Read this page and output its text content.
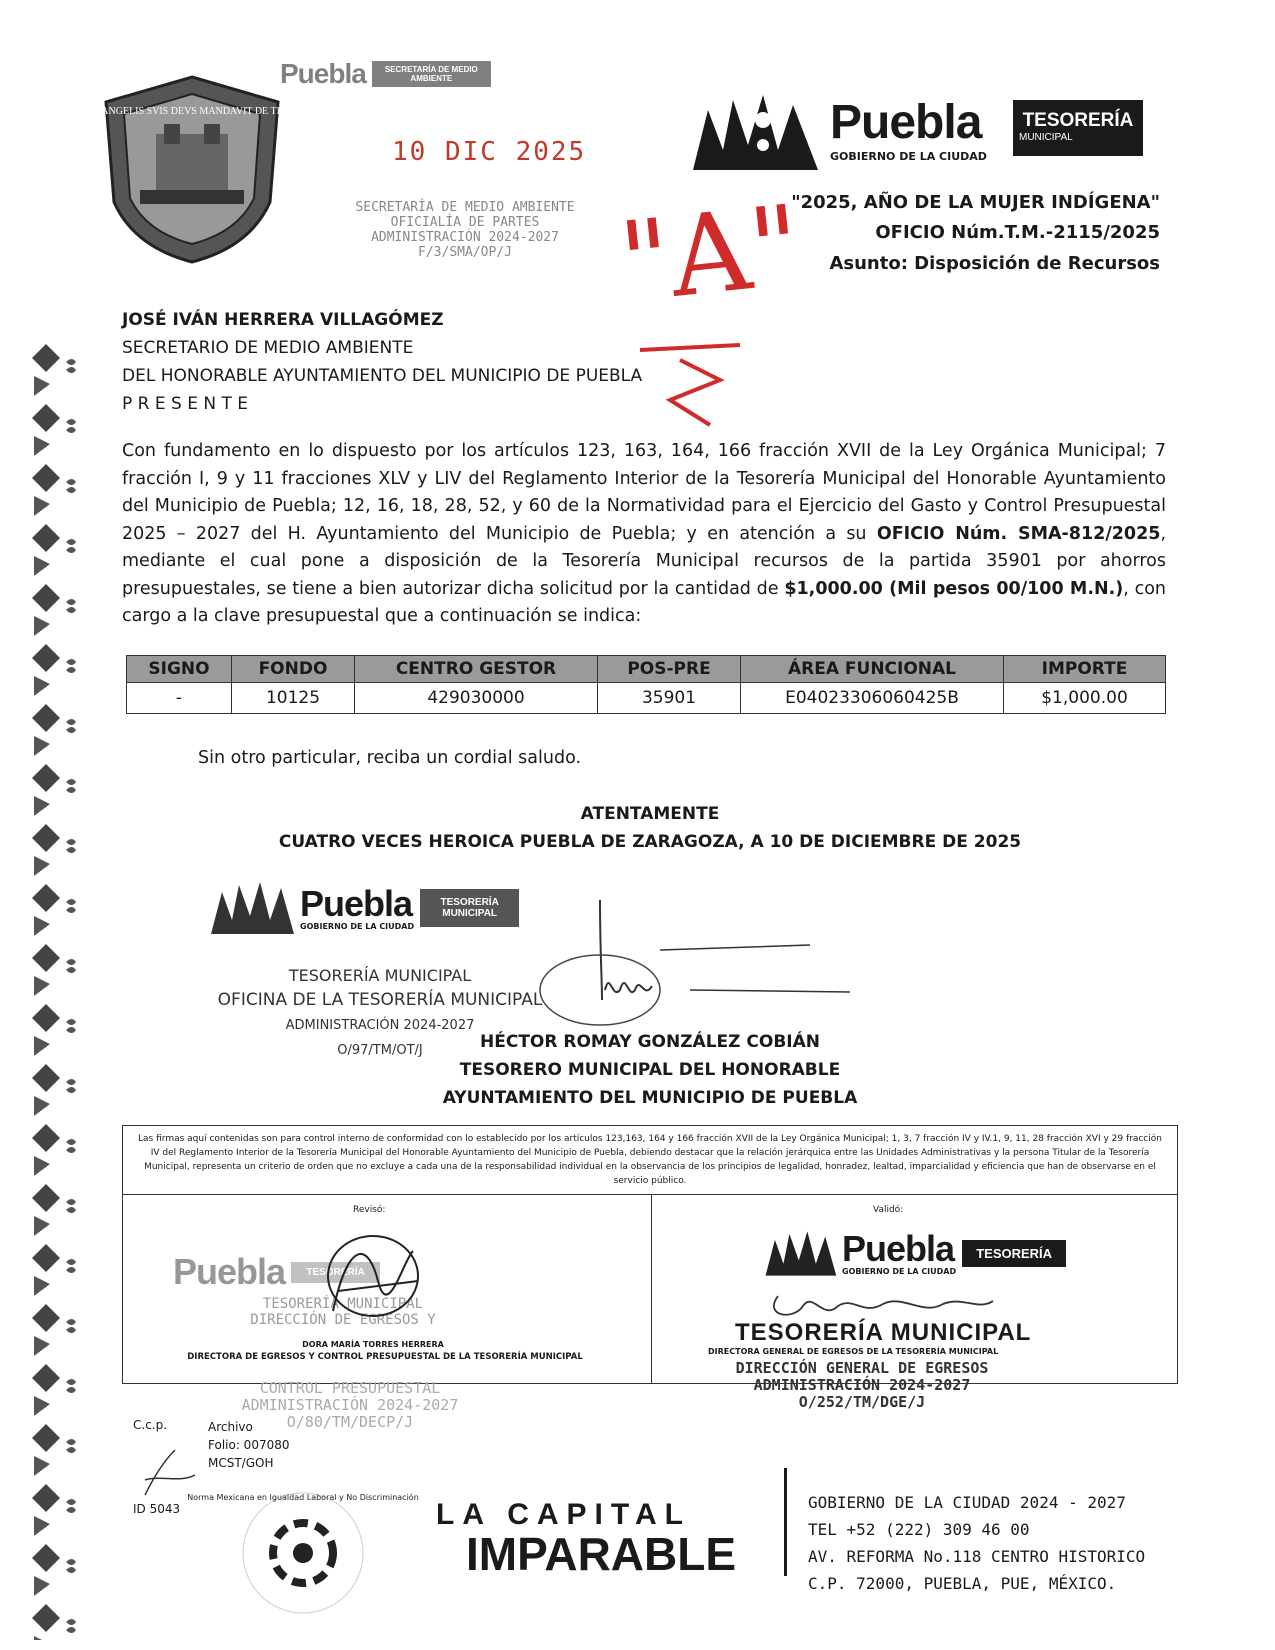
ANGELIS SVIS DEVS MANDAVIT DE TE
Puebla	SECRETARÍA DE MEDIO AMBIENTE
10 DIC 2025
SECRETARÍA DE MEDIO AMBIENTE
OFICIALÍA DE PARTES
ADMINISTRACIÓN 2024-2027
F/3/SMA/OP/J "A"
Puebla
GOBIERNO DE LA CIUDAD
TESORERÍA
MUNICIPAL
"2025, AÑO DE LA MUJER INDÍGENA"
OFICIO Núm.T.M.-2115/2025
Asunto: Disposición de Recursos
JOSÉ IVÁN HERRERA VILLAGÓMEZ
SECRETARIO DE MEDIO AMBIENTE
DEL HONORABLE AYUNTAMIENTO DEL MUNICIPIO DE PUEBLA
P R E S E N T E
Con fundamento en lo dispuesto por los artículos 123, 163, 164, 166 fracción XVII de la Ley Orgánica Municipal; 7 fracción I, 9 y 11 fracciones XLV y LIV del Reglamento Interior de la Tesorería Municipal del Honorable Ayuntamiento del Municipio de Puebla; 12, 16, 18, 28, 52, y 60 de la Normatividad para el Ejercicio del Gasto y Control Presupuestal 2025 – 2027 del H. Ayuntamiento del Municipio de Puebla; y en atención a su OFICIO Núm. SMA-812/2025, mediante el cual pone a disposición de la Tesorería Municipal recursos de la partida 35901 por ahorros presupuestales, se tiene a bien autorizar dicha solicitud por la cantidad de $1,000.00 (Mil pesos 00/100 M.N.), con cargo a la clave presupuestal que a continuación se indica:
SIGNO	FONDO	CENTRO GESTOR	POS-PRE	ÁREA FUNCIONAL	IMPORTE
-	10125	429030000	35901	E04023306060425B	$1,000.00
Sin otro particular, reciba un cordial saludo.
ATENTAMENTE
CUATRO VECES HEROICA PUEBLA DE ZARAGOZA, A 10 DE DICIEMBRE DE 2025
Puebla
GOBIERNO DE LA CIUDAD
TESORERÍA MUNICIPAL
TESORERÍA MUNICIPAL
OFICINA DE LA TESORERÍA MUNICIPAL
ADMINISTRACIÓN 2024-2027
O/97/TM/OT/J	HÉCTOR ROMAY GONZÁLEZ COBIÁN
TESORERO MUNICIPAL DEL HONORABLE
AYUNTAMIENTO DEL MUNICIPIO DE PUEBLA
Las firmas aquí contenidas son para control interno de conformidad con lo establecido por los artículos 123,163, 164 y 166 fracción XVII de la Ley Orgánica Municipal; 1, 3, 7 fracción IV y IV.1, 9, 11, 28 fracción XVI y 29 fracción IV del Reglamento Interior de la Tesorería Municipal del Honorable Ayuntamiento del Municipio de Puebla, debiendo destacar que la relación jerárquica entre las Unidades Administrativas y la persona Titular de la Tesorería Municipal, representa un criterio de orden que no excluye a cada una de la responsabilidad individual en la observancia de los principios de legalidad, honradez, lealtad, imparcialidad y eficiencia que han de observarse en el servicio público.
Revisó:	Validó:
Puebla	TESORERÍA
TESORERÍA MUNICIPAL
DIRECCIÓN DE EGRESOS Y
DORA MARÍA TORRES HERRERA
DIRECTORA DE EGRESOS Y CONTROL PRESUPUESTAL DE LA TESORERÍA MUNICIPAL
Puebla
GOBIERNO DE LA CIUDAD
TESORERÍA
TESORERÍA MUNICIPAL
DIRECTORA GENERAL DE EGRESOS DE LA TESORERÍA MUNICIPAL
DIRECCIÓN GENERAL DE EGRESOS
ADMINISTRACIÓN 2024-2027
O/252/TM/DGE/J
CONTROL PRESUPUESTAL
ADMINISTRACIÓN 2024-2027
O/80/TM/DECP/J
C.c.p.	Archivo
Folio: 007080
MCST/GOH
ID 5043
Norma Mexicana en Igualdad Laboral y No Discriminación
LA CAPITAL
IMPARABLE
GOBIERNO DE LA CIUDAD 2024 - 2027
TEL +52 (222) 309 46 00
AV. REFORMA No.118 CENTRO HISTORICO
C.P. 72000, PUEBLA, PUE, MÉXICO.
